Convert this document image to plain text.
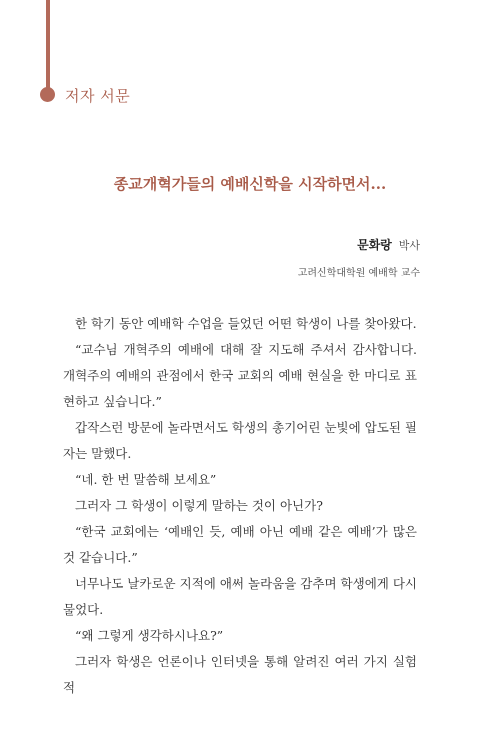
저자 서문
종교개혁가들의 예배신학을 시작하면서...
문화랑 박사
고려신학대학원 예배학 교수

한 학기 동안 예배학 수업을 들었던 어떤 학생이 나를 찾아왔다.

“교수님 개혁주의 예배에 대해 잘 지도해 주셔서 감사합니다. 개혁주의 예배의 관점에서 한국 교회의 예배 현실을 한 마디로 표현하고 싶습니다.”

갑작스런 방문에 놀라면서도 학생의 총기어린 눈빛에 압도된 필자는 말했다.

“네. 한 번 말씀해 보세요”

그러자 그 학생이 이렇게 말하는 것이 아닌가?

“한국 교회에는 ‘예배인 듯, 예배 아닌 예배 같은 예배’가 많은 것 같습니다.”

너무나도 날카로운 지적에 애써 놀라움을 감추며 학생에게 다시 물었다.

“왜 그렇게 생각하시나요?”

그러자 학생은 언론이나 인터넷을 통해 알려진 여러 가지 실험적
